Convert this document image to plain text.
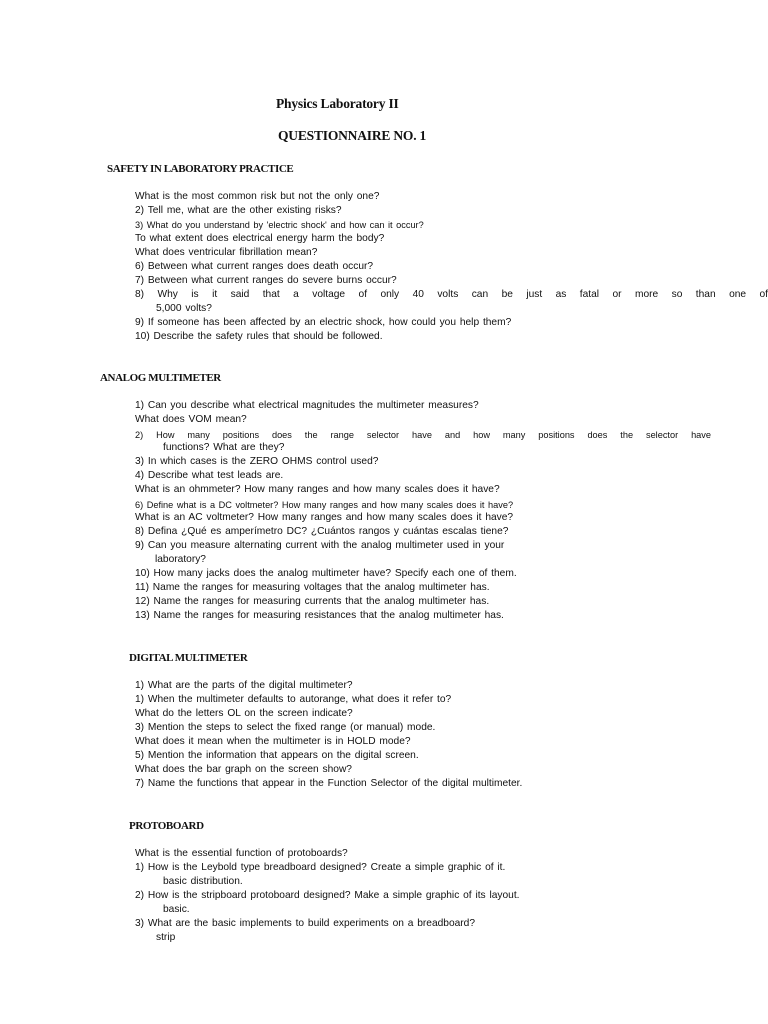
Physics Laboratory II
QUESTIONNAIRE NO. 1
SAFETY IN LABORATORY PRACTICE
What is the most common risk but not the only one?
2) Tell me, what are the other existing risks?
3) What do you understand by 'electric shock' and how can it occur?
To what extent does electrical energy harm the body?
What does ventricular fibrillation mean?
6) Between what current ranges does death occur?
7) Between what current ranges do severe burns occur?
8) Why is it said that a voltage of only 40 volts can be just as fatal or more so than one of
5,000 volts?
9) If someone has been affected by an electric shock, how could you help them?
10) Describe the safety rules that should be followed.
ANALOG MULTIMETER
1) Can you describe what electrical magnitudes the multimeter measures?
What does VOM mean?
2) How many positions does the range selector have and how many positions does the selector have
functions? What are they?
3) In which cases is the ZERO OHMS control used?
4) Describe what test leads are.
What is an ohmmeter? How many ranges and how many scales does it have?
6) Define what is a DC voltmeter? How many ranges and how many scales does it have?
What is an AC voltmeter? How many ranges and how many scales does it have?
8) Defina ¿Qué es amperímetro DC? ¿Cuántos rangos y cuántas escalas tiene?
9) Can you measure alternating current with the analog multimeter used in your
laboratory?
10) How many jacks does the analog multimeter have? Specify each one of them.
11) Name the ranges for measuring voltages that the analog multimeter has.
12) Name the ranges for measuring currents that the analog multimeter has.
13) Name the ranges for measuring resistances that the analog multimeter has.
DIGITAL MULTIMETER
1) What are the parts of the digital multimeter?
1) When the multimeter defaults to autorange, what does it refer to?
What do the letters OL on the screen indicate?
3) Mention the steps to select the fixed range (or manual) mode.
What does it mean when the multimeter is in HOLD mode?
5) Mention the information that appears on the digital screen.
What does the bar graph on the screen show?
7) Name the functions that appear in the Function Selector of the digital multimeter.
PROTOBOARD
What is the essential function of protoboards?
1) How is the Leybold type breadboard designed? Create a simple graphic of it.
basic distribution.
2) How is the stripboard protoboard designed? Make a simple graphic of its layout.
basic.
3) What are the basic implements to build experiments on a breadboard?
strip
